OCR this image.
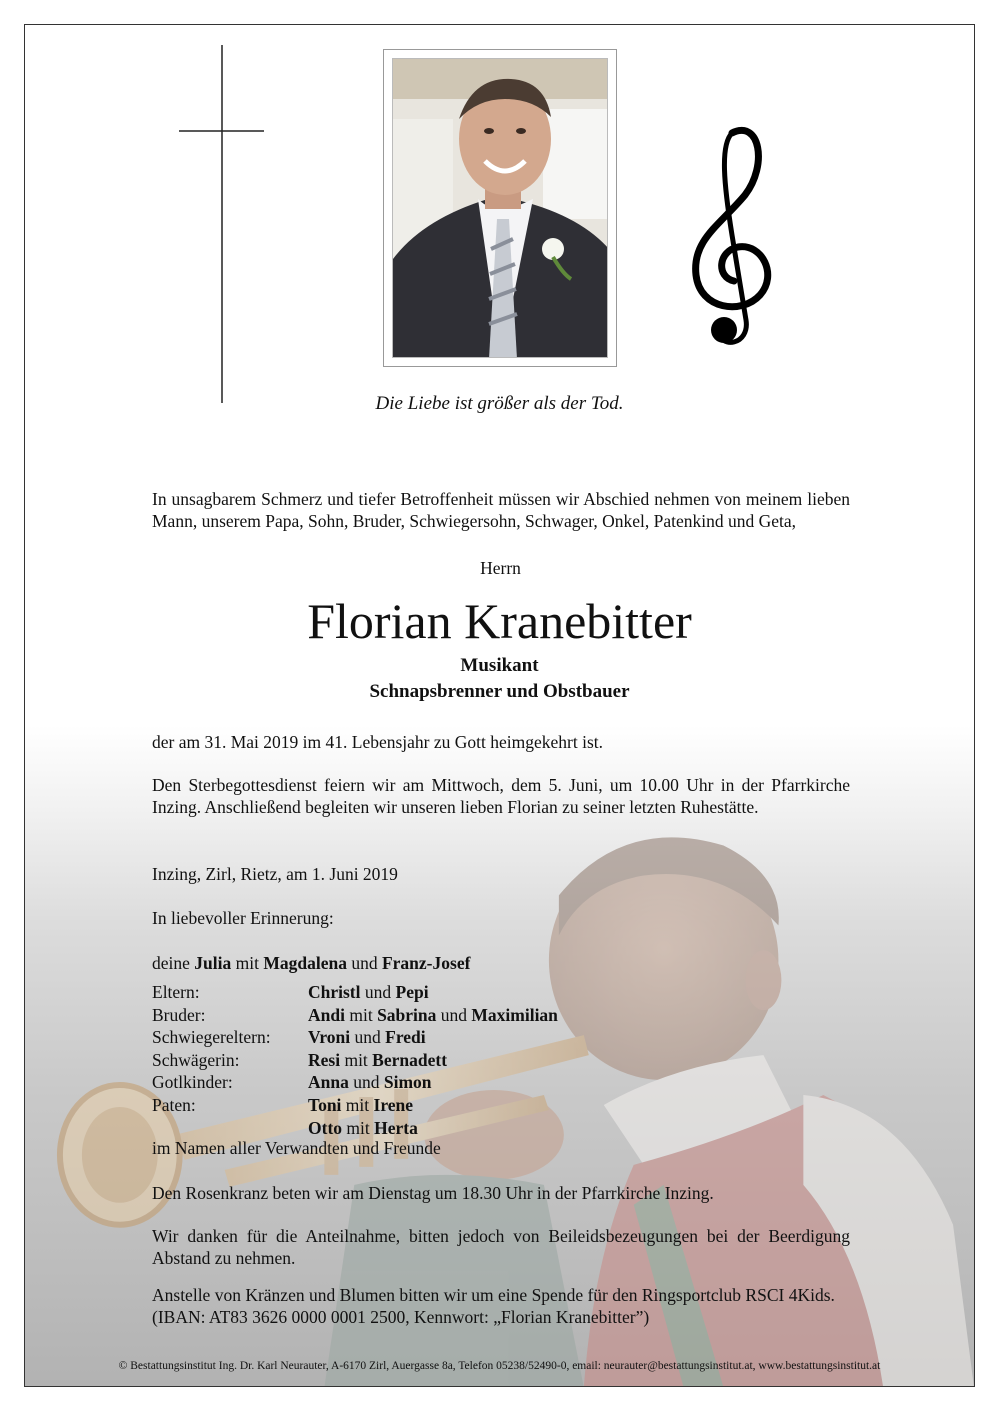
Die Liebe ist größer als der Tod.
In unsagbarem Schmerz und tiefer Betroffenheit müssen wir Abschied nehmen von meinem lieben Mann, unserem Papa, Sohn, Bruder, Schwiegersohn, Schwager, Onkel, Patenkind und Geta,
Herrn
Florian Kranebitter
Musikant
Schnapsbrenner und Obstbauer
der am 31. Mai 2019 im 41. Lebensjahr zu Gott heimgekehrt ist.
Den Sterbegottesdienst feiern wir am Mittwoch, dem 5. Juni, um 10.00 Uhr in der Pfarrkirche Inzing. Anschließend begleiten wir unseren lieben Florian zu seiner letzten Ruhestätte.
Inzing, Zirl, Rietz, am 1. Juni 2019
In liebevoller Erinnerung:
deine Julia mit Magdalena und Franz-Josef
Eltern:	Christl und Pepi
Bruder:	Andi mit Sabrina und Maximilian
Schwiegereltern:	Vroni und Fredi
Schwägerin:	Resi mit Bernadett
Gotlkinder:	Anna und Simon
Paten:	Toni mit Irene
Otto mit Herta
im Namen aller Verwandten und Freunde
Den Rosenkranz beten wir am Dienstag um 18.30 Uhr in der Pfarrkirche Inzing.
Wir danken für die Anteilnahme, bitten jedoch von Beileidsbezeugungen bei der Beerdigung Abstand zu nehmen.
Anstelle von Kränzen und Blumen bitten wir um eine Spende für den Ringsportclub RSCI 4Kids.
(IBAN: AT83 3626 0000 0001 2500, Kennwort: „Florian Kranebitter”)
© Bestattungsinstitut Ing. Dr. Karl Neurauter, A-6170 Zirl, Auergasse 8a, Telefon 05238/52490-0, email: neurauter@bestattungsinstitut.at, www.bestattungsinstitut.at
